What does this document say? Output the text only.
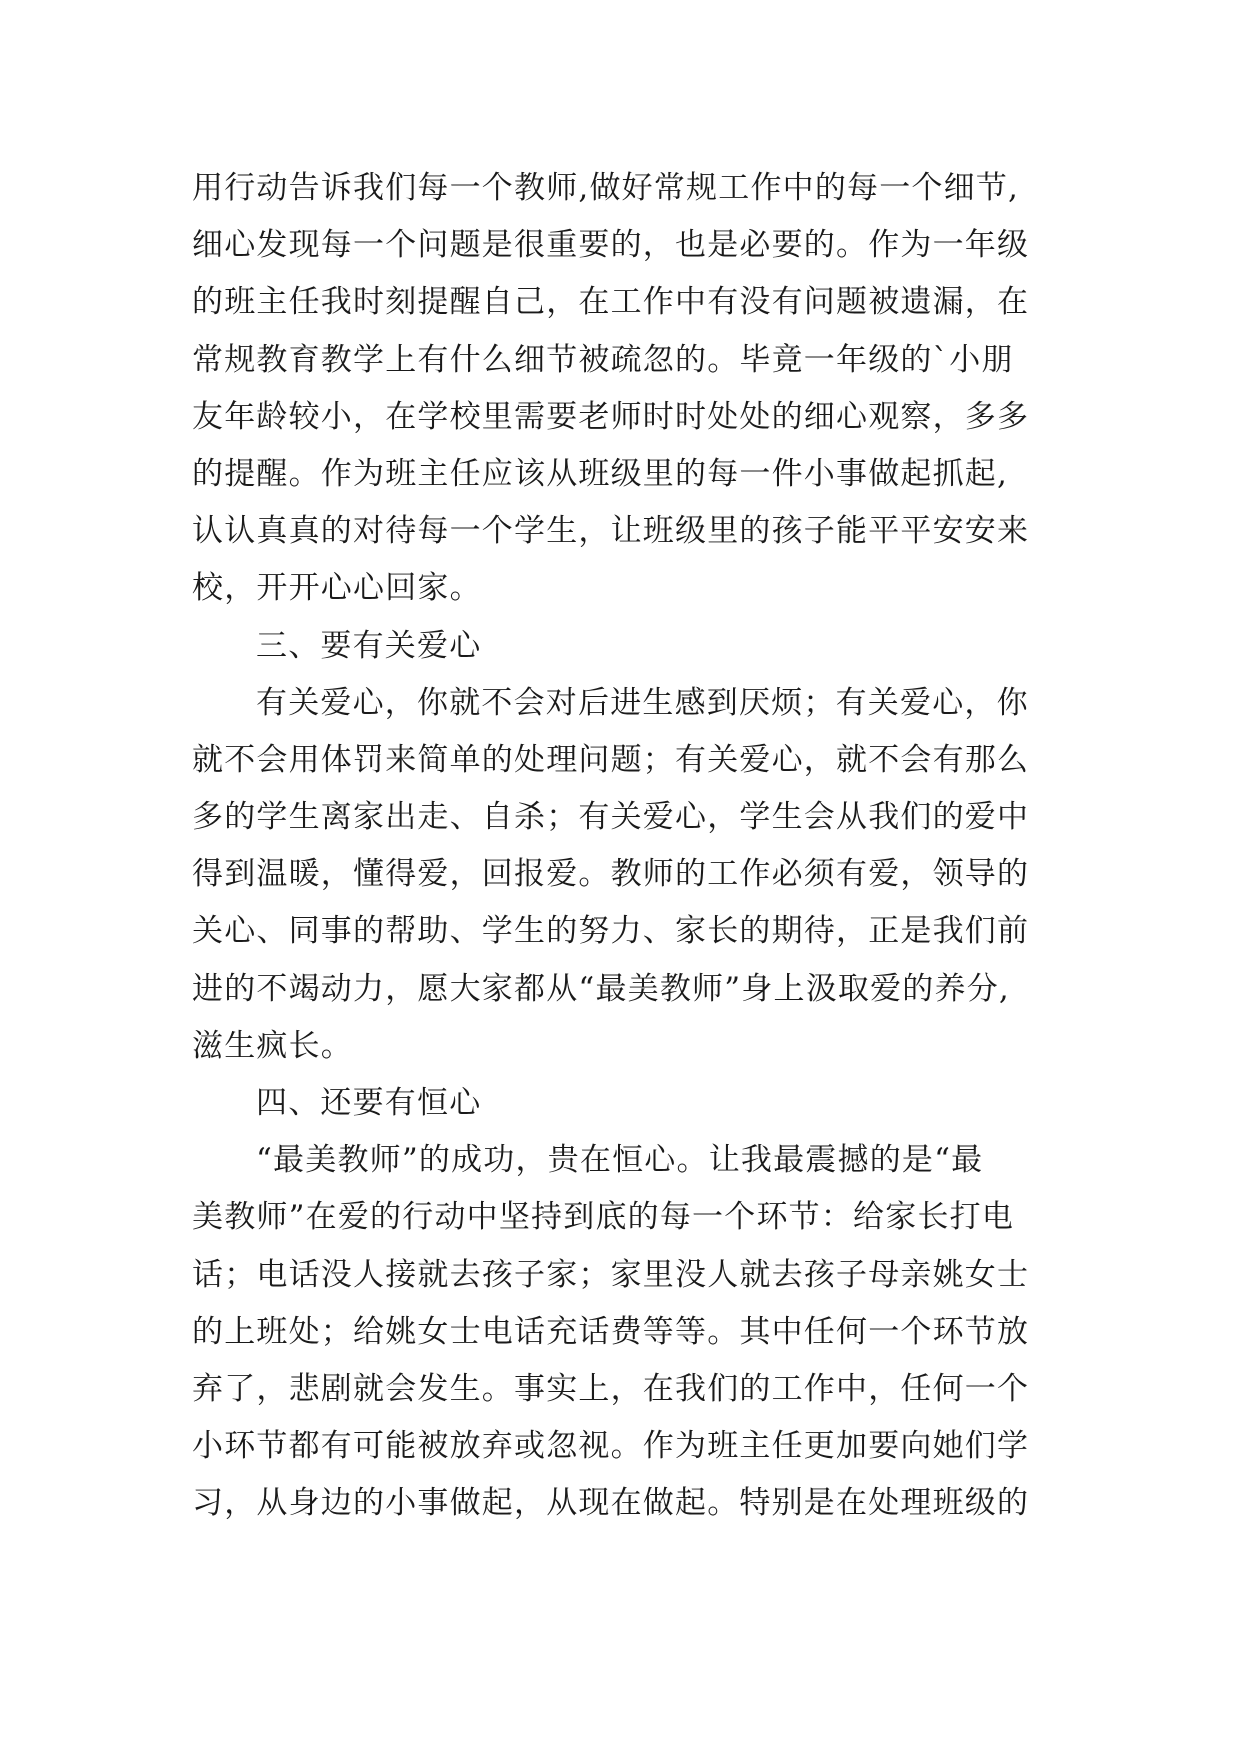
用行动告诉我们每一个教师,做好常规工作中的每一个细节,
细心发现每一个问题是很重要的，也是必要的。作为一年级
的班主任我时刻提醒自己，在工作中有没有问题被遗漏，在
常规教育教学上有什么细节被疏忽的。毕竟一年级的`小朋
友年龄较小，在学校里需要老师时时处处的细心观察，多多
的提醒。作为班主任应该从班级里的每一件小事做起抓起,
认认真真的对待每一个学生，让班级里的孩子能平平安安来
校，开开心心回家。
三、要有关爱心
有关爱心，你就不会对后进生感到厌烦；有关爱心，你
就不会用体罚来简单的处理问题；有关爱心，就不会有那么
多的学生离家出走、自杀；有关爱心，学生会从我们的爱中
得到温暖，懂得爱，回报爱。教师的工作必须有爱，领导的
关心、同事的帮助、学生的努力、家长的期待，正是我们前
进的不竭动力，愿大家都从“最美教师”身上汲取爱的养分,
滋生疯长。
四、还要有恒心
“最美教师”的成功，贵在恒心。让我最震撼的是“最
美教师”在爱的行动中坚持到底的每一个环节：给家长打电
话；电话没人接就去孩子家；家里没人就去孩子母亲姚女士
的上班处；给姚女士电话充话费等等。其中任何一个环节放
弃了，悲剧就会发生。事实上，在我们的工作中，任何一个
小环节都有可能被放弃或忽视。作为班主任更加要向她们学
习，从身边的小事做起，从现在做起。特别是在处理班级的
